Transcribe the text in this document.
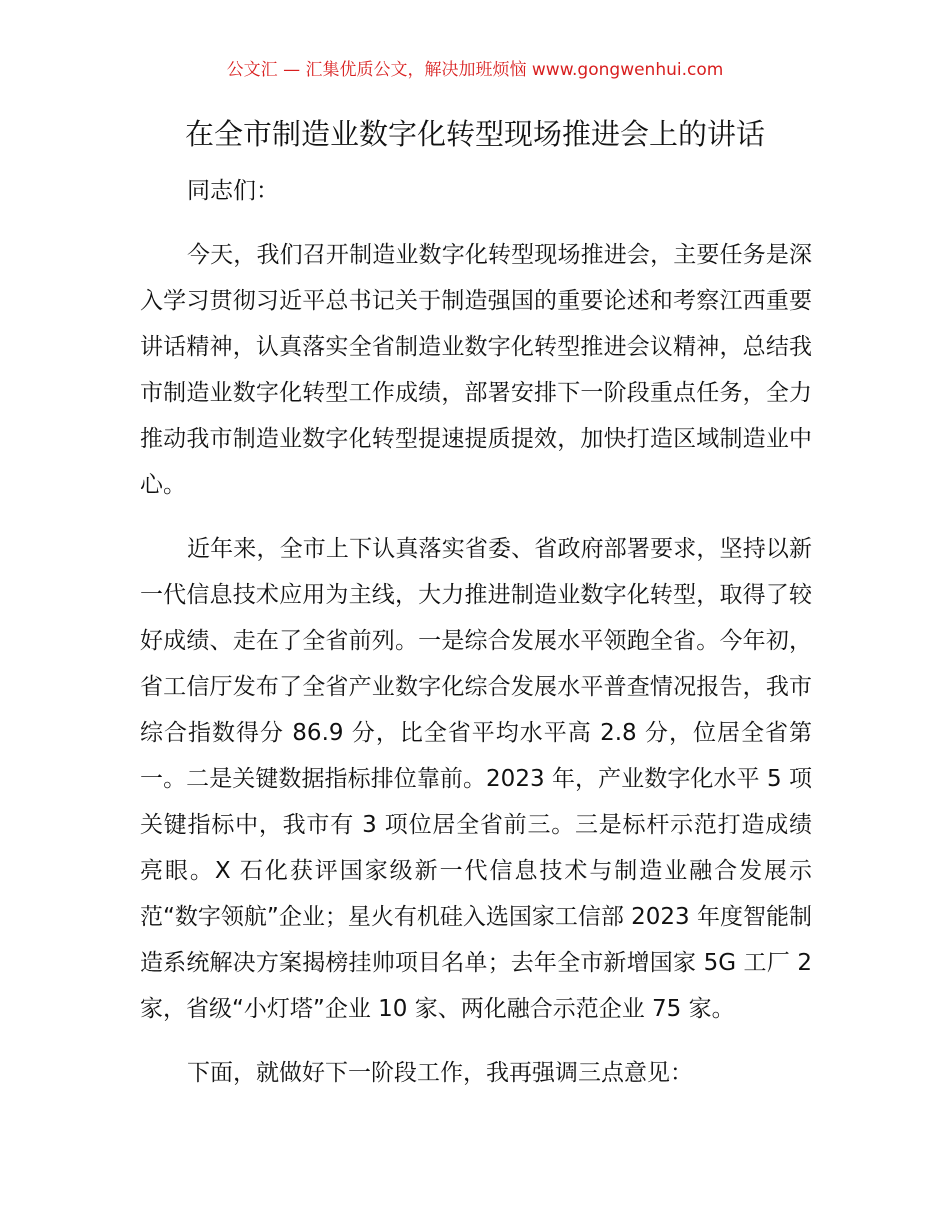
公文汇 — 汇集优质公文，解决加班烦恼 www.gongwenhui.com
在全市制造业数字化转型现场推进会上的讲话

同志们：

今天，我们召开制造业数字化转型现场推进会，主要任务是深入学习贯彻习近平总书记关于制造强国的重要论述和考察江西重要讲话精神，认真落实全省制造业数字化转型推进会议精神，总结我市制造业数字化转型工作成绩，部署安排下一阶段重点任务，全力推动我市制造业数字化转型提速提质提效，加快打造区域制造业中心。

近年来，全市上下认真落实省委、省政府部署要求，坚持以新一代信息技术应用为主线，大力推进制造业数字化转型，取得了较好成绩、走在了全省前列。一是综合发展水平领跑全省。今年初，省工信厅发布了全省产业数字化综合发展水平普查情况报告，我市综合指数得分 86.9 分，比全省平均水平高 2.8 分，位居全省第一。二是关键数据指标排位靠前。2023 年，产业数字化水平 5 项关键指标中，我市有 3 项位居全省前三。三是标杆示范打造成绩亮眼。X 石化获评国家级新一代信息技术与制造业融合发展示范“数字领航”企业；星火有机硅入选国家工信部 2023 年度智能制造系统解决方案揭榜挂帅项目名单；去年全市新增国家 5G 工厂 2 家，省级“小灯塔”企业 10 家、两化融合示范企业 75 家。

下面，就做好下一阶段工作，我再强调三点意见：
